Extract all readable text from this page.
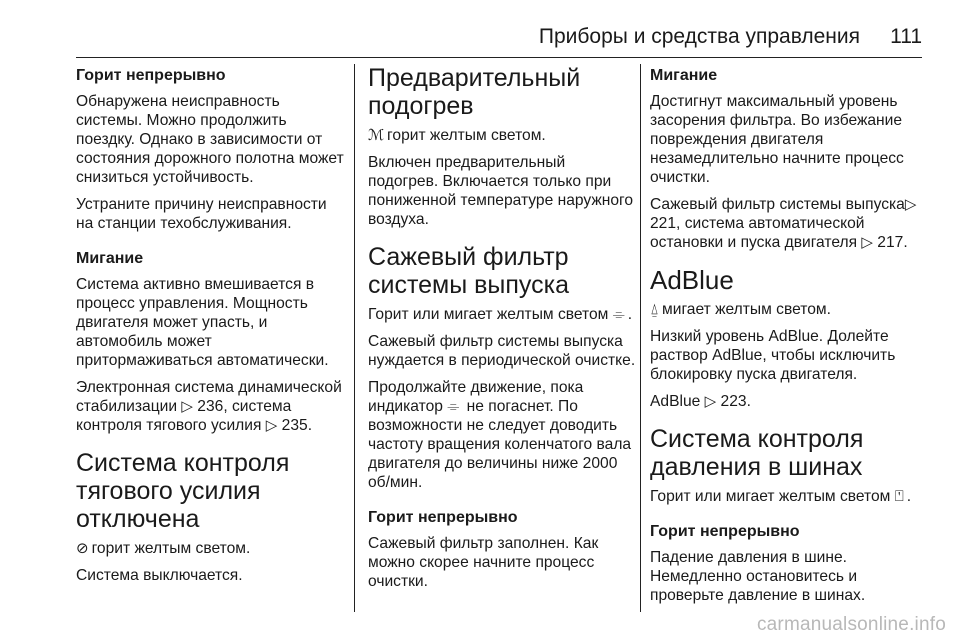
Приборы и средства управления 111
Горит непрерывно

Обнаружена неисправность системы. Можно продолжить поездку. Однако в зависимости от состояния дорожного полотна может снизиться устойчивость.

Устраните причину неисправности на станции техобслуживания.

Мигание

Система активно вмешивается в процесс управления. Мощность двигателя может упасть, и автомобиль может притормаживаться автоматически.

Электронная система динамической стабилизации ▷ 236, система контроля тягового усилия ▷ 235.

Система контроля тягового усилия отключена

⊘ горит желтым светом.

Система выключается.

Предварительный подогрев

ℳ горит желтым светом.

Включен предварительный подогрев. Включается только при пониженной температуре наружного воздуха.

Сажевый фильтр системы выпуска

Горит или мигает желтым светом ⌯ .

Сажевый фильтр системы выпуска нуждается в периодической очистке.

Продолжайте движение, пока индикатор ⌯ не погаснет. По возможности не следует доводить частоту вращения коленчатого вала двигателя до величины ниже 2000 об/мин.

Горит непрерывно

Сажевый фильтр заполнен. Как можно скорее начните процесс очистки.

Мигание

Достигнут максимальный уровень засорения фильтра. Во избежание повреждения двигателя незамедлительно начните процесс очистки.

Сажевый фильтр системы выпуска▷ 221, система автоматической остановки и пуска двигателя ▷ 217.

AdBlue

⍙ мигает желтым светом.

Низкий уровень AdBlue. Долейте раствор AdBlue, чтобы исключить блокировку пуска двигателя.

AdBlue ▷ 223.

Система контроля давления в шинах

Горит или мигает желтым светом ⍞ .

Горит непрерывно

Падение давления в шине. Немедленно остановитесь и проверьте давление в шинах.

carmanualsonline.info
